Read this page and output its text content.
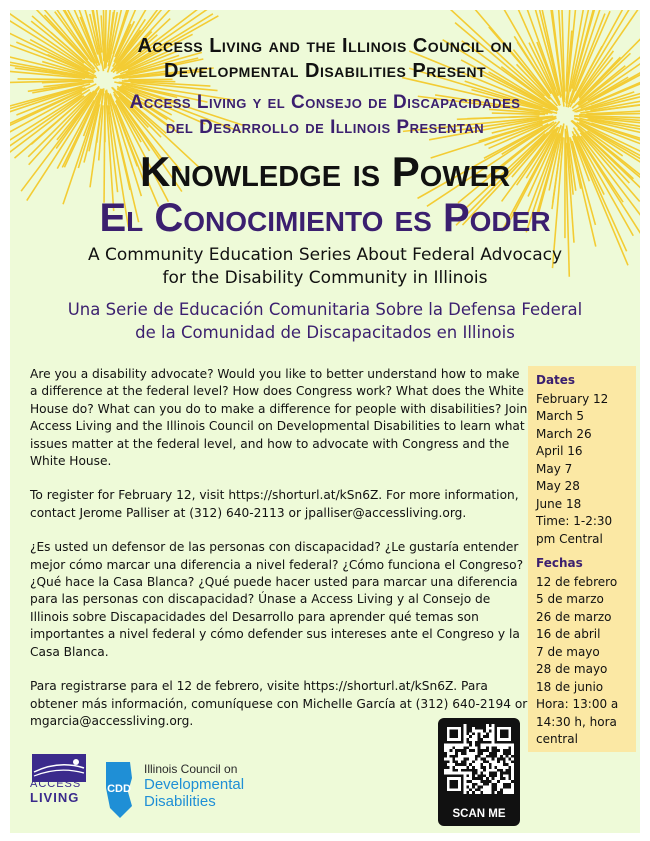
Access Living and the Illinois Council on
Developmental Disabilities Present
Access Living y el Consejo de Discapacidades
del Desarrollo de Illinois Presentan
Knowledge is Power
El Conocimiento es Poder
A Community Education Series About Federal Advocacy
for the Disability Community in Illinois
Una Serie de Educación Comunitaria Sobre la Defensa Federal
de la Comunidad de Discapacitados en Illinois

Are you a disability advocate? Would you like to better understand how to make a difference at the federal level? How does Congress work? What does the White House do? What can you do to make a difference for people with disabilities? Join Access Living and the Illinois Council on Developmental Disabilities to learn what issues matter at the federal level, and how to advocate with Congress and the White House.

To register for February 12, visit https://shorturl.at/kSn6Z. For more information, contact Jerome Palliser at (312) 640-2113 or jpalliser@accessliving.org.

¿Es usted un defensor de las personas con discapacidad? ¿Le gustaría entender mejor cómo marcar una diferencia a nivel federal? ¿Cómo funciona el Congreso? ¿Qué hace la Casa Blanca? ¿Qué puede hacer usted para marcar una diferencia para las personas con discapacidad? Únase a Access Living y al Consejo de Illinois sobre Discapacidades del Desarrollo para aprender qué temas son importantes a nivel federal y cómo defender sus intereses ante el Congreso y la Casa Blanca.

Para registrarse para el 12 de febrero, visite https://shorturl.at/kSn6Z. Para obtener más información, comuníquese con Michelle García at (312) 640-2194 or mgarcia@accessliving.org.

Dates
February 12
March 5
March 26
April 16
May 7
May 28
June 18
Time: 1-2:30 pm Central
Fechas
12 de febrero
5 de marzo
26 de marzo
16 de abril
7 de mayo
28 de mayo
18 de junio
Hora: 13:00 a 14:30 h, hora central
ACCESS
LIVING
CDD
Illinois Council on
Developmental
Disabilities
SCAN ME
